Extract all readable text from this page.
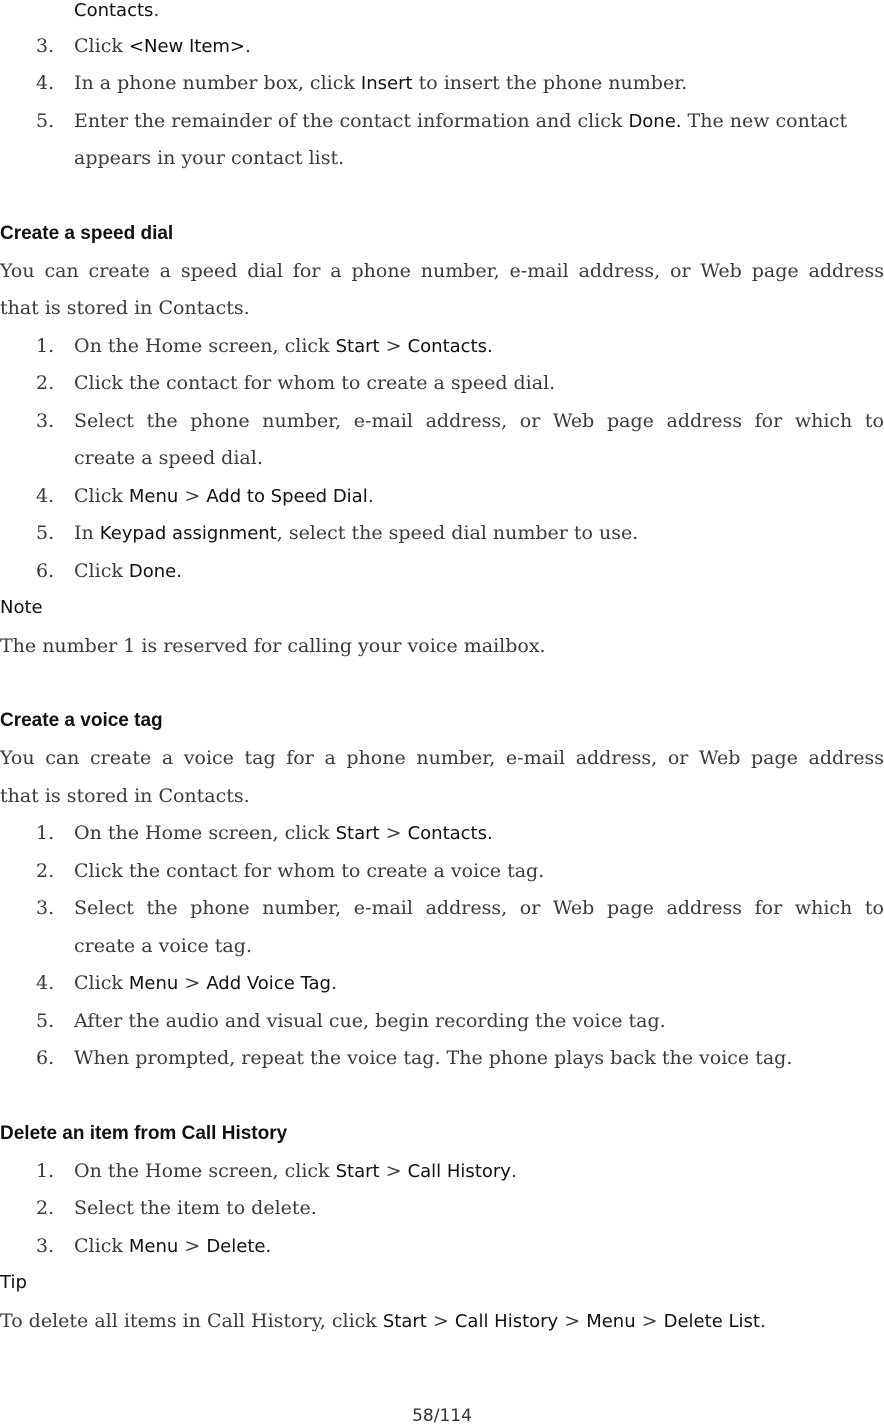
Contacts.
3. Click <New Item>.
4. In a phone number box, click Insert to insert the phone number.
5. Enter the remainder of the contact information and click Done. The new contact
appears in your contact list.
Create a speed dial
You can create a speed dial for a phone number, e-mail address, or Web page address
that is stored in Contacts.
1. On the Home screen, click Start > Contacts.
2. Click the contact for whom to create a speed dial.
3. Select the phone number, e-mail address, or Web page address for which to
create a speed dial.
4. Click Menu > Add to Speed Dial.
5. In Keypad assignment, select the speed dial number to use.
6. Click Done.
Note
The number 1 is reserved for calling your voice mailbox.
Create a voice tag
You can create a voice tag for a phone number, e-mail address, or Web page address
that is stored in Contacts.
1. On the Home screen, click Start > Contacts.
2. Click the contact for whom to create a voice tag.
3. Select the phone number, e-mail address, or Web page address for which to
create a voice tag.
4. Click Menu > Add Voice Tag.
5. After the audio and visual cue, begin recording the voice tag.
6. When prompted, repeat the voice tag. The phone plays back the voice tag.
Delete an item from Call History
1. On the Home screen, click Start > Call History.
2. Select the item to delete.
3. Click Menu > Delete.
Tip
To delete all items in Call History, click Start > Call History > Menu > Delete List.
58/114
